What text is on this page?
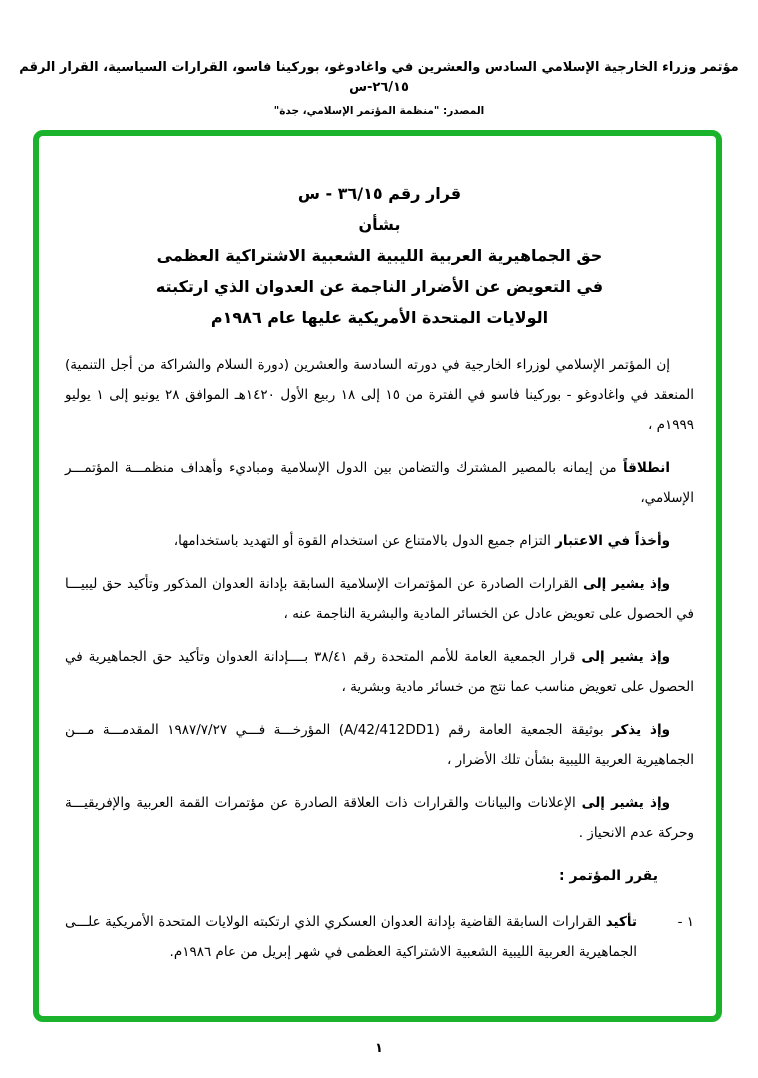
مؤتمر وزراء الخارجية الإسلامي السادس والعشرين في واغادوغو، بوركينا فاسو، القرارات السياسية، القرار الرقم ٢٦/١٥-س
المصدر: "منظمة المؤتمر الإسلامي، جدة"
قرار رقم ٣٦/١٥ - س
بشأن
حق الجماهيرية العربية الليبية الشعبية الاشتراكية العظمى
في التعويض عن الأضرار الناجمة عن العدوان الذي ارتكبته
الولايات المتحدة الأمريكية عليها عام ١٩٨٦م

إن المؤتمر الإسلامي لوزراء الخارجية في دورته السادسة والعشرين (دورة السلام والشراكة من أجل التنمية) المنعقد في واغادوغو - بوركينا فاسو في الفترة من ١٥ إلى ١٨ ربيع الأول ١٤٢٠هـ الموافق ٢٨ يونيو إلى ١ يوليو ١٩٩٩م ،

انطلاقاً من إيمانه بالمصير المشترك والتضامن بين الدول الإسلامية ومباديء وأهداف منظمـــة المؤتمـــر الإسلامي،

وأخذاً في الاعتبار التزام جميع الدول بالامتناع عن استخدام القوة أو التهديد باستخدامها،

وإذ يشير إلى القرارات الصادرة عن المؤتمرات الإسلامية السابقة بإدانة العدوان المذكور وتأكيد حق ليبيـــا في الحصول على تعويض عادل عن الخسائر المادية والبشرية الناجمة عنه ،

وإذ يشير إلى قرار الجمعية العامة للأمم المتحدة رقم ٣٨/٤١ بــــإدانة العدوان وتأكيد حق الجماهيرية في الحصول على تعويض مناسب عما نتج من خسائر مادية وبشرية ،

وإذ يذكر بوثيقة الجمعية العامة رقم (A/42/412DD1) المؤرخـــة فـــي ١٩٨٧/٧/٢٧ المقدمـــة مـــن الجماهيرية العربية الليبية بشأن تلك الأضرار ،

وإذ يشير إلى الإعلانات والبيانات والقرارات ذات العلاقة الصادرة عن مؤتمرات القمة العربية والإفريقيـــة وحركة عدم الانحياز .

يقرر المؤتمر :
١ -
تأكيد القرارات السابقة القاضية بإدانة العدوان العسكري الذي ارتكبته الولايات المتحدة الأمريكية علـــى الجماهيرية العربية الليبية الشعبية الاشتراكية العظمى في شهر إبريل من عام ١٩٨٦م.
١
